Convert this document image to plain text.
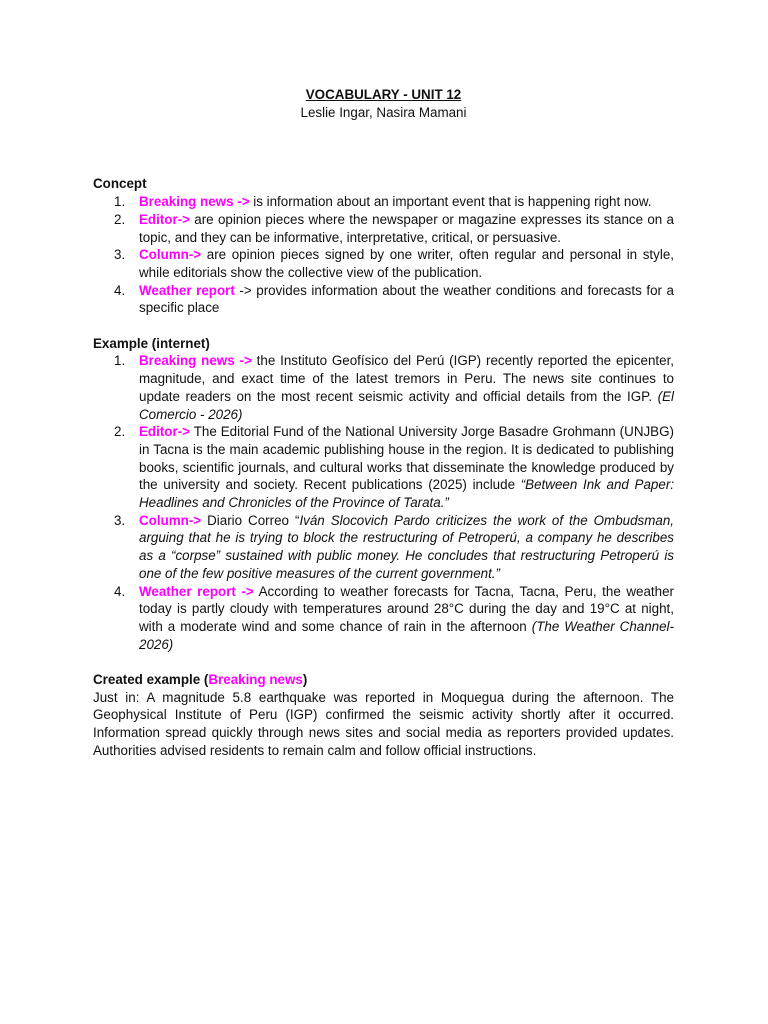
VOCABULARY - UNIT 12

Leslie Ingar, Nasira Mamani

Concept

1. Breaking news -> is information about an important event that is happening right now.
2. Editor-> are opinion pieces where the newspaper or magazine expresses its stance on a topic, and they can be informative, interpretative, critical, or persuasive.
3. Column-> are opinion pieces signed by one writer, often regular and personal in style, while editorials show the collective view of the publication.
4. Weather report -> provides information about the weather conditions and forecasts for a specific place

Example (internet)

1. Breaking news -> the Instituto Geofísico del Perú (IGP) recently reported the epicenter, magnitude, and exact time of the latest tremors in Peru. The news site continues to update readers on the most recent seismic activity and official details from the IGP. (El Comercio - 2026)
2. Editor-> The Editorial Fund of the National University Jorge Basadre Grohmann (UNJBG) in Tacna is the main academic publishing house in the region. It is dedicated to publishing books, scientific journals, and cultural works that disseminate the knowledge produced by the university and society. Recent publications (2025) include “Between Ink and Paper: Headlines and Chronicles of the Province of Tarata.”
3. Column-> Diario Correo “Iván Slocovich Pardo criticizes the work of the Ombudsman, arguing that he is trying to block the restructuring of Petroperú, a company he describes as a “corpse” sustained with public money. He concludes that restructuring Petroperú is one of the few positive measures of the current government.”
4. Weather report -> According to weather forecasts for Tacna, Tacna, Peru, the weather today is partly cloudy with temperatures around 28°C during the day and 19°C at night, with a moderate wind and some chance of rain in the afternoon (The Weather Channel- 2026)

Created example (Breaking news)

Just in: A magnitude 5.8 earthquake was reported in Moquegua during the afternoon. The Geophysical Institute of Peru (IGP) confirmed the seismic activity shortly after it occurred. Information spread quickly through news sites and social media as reporters provided updates. Authorities advised residents to remain calm and follow official instructions.
